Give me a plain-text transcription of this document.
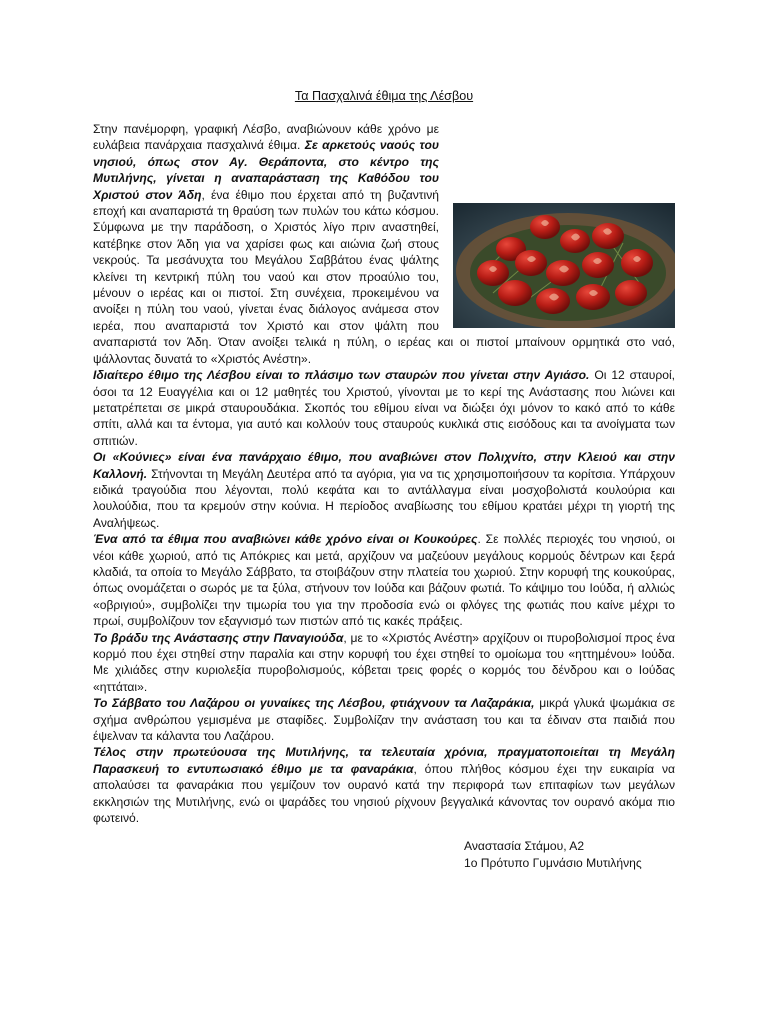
Τα Πασχαλινά έθιμα της Λέσβου

Στην πανέμορφη, γραφική Λέσβο, αναβιώνουν κάθε χρόνο με ευλάβεια πανάρχαια πασχαλινά έθιμα. Σε αρκετούς ναούς του νησιού, όπως στον Αγ. Θεράποντα, στο κέντρο της Μυτιλήνης, γίνεται η αναπαράσταση της Καθόδου του Χριστού στον Άδη, ένα έθιμο που έρχεται από τη βυζαντινή εποχή και αναπαριστά τη θραύση των πυλών του κάτω κόσμου. Σύμφωνα με την παράδοση, ο Χριστός λίγο πριν αναστηθεί, κατέβηκε στον Άδη για να χαρίσει φως και αιώνια ζωή στους νεκρούς. Τα μεσάνυχτα του Μεγάλου Σαββάτου ένας ψάλτης κλείνει τη κεντρική πύλη του ναού και στον προαύλιο του, μένουν ο ιερέας και οι πιστοί. Στη συνέχεια, προκειμένου να ανοίξει η πύλη του ναού, γίνεται ένας διάλογος ανάμεσα στον ιερέα, που αναπαριστά τον Χριστό και στον ψάλτη που αναπαριστά τον Άδη. Όταν ανοίξει τελικά η πύλη, ο ιερέας και οι πιστοί μπαίνουν ορμητικά στο ναό, ψάλλοντας δυνατά το «Χριστός Ανέστη».

Ιδιαίτερο έθιμο της Λέσβου είναι το πλάσιμο των σταυρών που γίνεται στην Αγιάσο. Οι 12 σταυροί, όσοι τα 12 Ευαγγέλια και οι 12 μαθητές του Χριστού, γίνονται με το κερί της Ανάστασης που λιώνει και μετατρέπεται σε μικρά σταυρουδάκια. Σκοπός του εθίμου είναι να διώξει όχι μόνον το κακό από το κάθε σπίτι, αλλά και τα έντομα, για αυτό και κολλούν τους σταυρούς κυκλικά στις εισόδους και τα ανοίγματα των σπιτιών.

Οι «Κούνιες» είναι ένα πανάρχαιο έθιμο, που αναβιώνει στον Πολιχνίτο, στην Κλειού και στην Καλλονή. Στήνονται τη Μεγάλη Δευτέρα από τα αγόρια, για να τις χρησιμοποιήσουν τα κορίτσια. Υπάρχουν ειδικά τραγούδια που λέγονται, πολύ κεφάτα και το αντάλλαγμα είναι μοσχοβολιστά κουλούρια και λουλούδια, που τα κρεμούν στην κούνια. Η περίοδος αναβίωσης του εθίμου κρατάει μέχρι τη γιορτή της Αναλήψεως.

Ένα από τα έθιμα που αναβιώνει κάθε χρόνο είναι οι Κουκούρες. Σε πολλές περιοχές του νησιού, οι νέοι κάθε χωριού, από τις Απόκριες και μετά, αρχίζουν να μαζεύουν μεγάλους κορμούς δέντρων και ξερά κλαδιά, τα οποία το Μεγάλο Σάββατο, τα στοιβάζουν στην πλατεία του χωριού. Στην κορυφή της κουκούρας, όπως ονομάζεται ο σωρός με τα ξύλα, στήνουν τον Ιούδα και βάζουν φωτιά. Το κάψιμο του Ιούδα, ή αλλιώς «οβριγιού», συμβολίζει την τιμωρία του για την προδοσία ενώ οι φλόγες της φωτιάς που καίνε μέχρι το πρωί, συμβολίζουν τον εξαγνισμό των πιστών από τις κακές πράξεις.

Το βράδυ της Ανάστασης στην Παναγιούδα, με το «Χριστός Ανέστη» αρχίζουν οι πυροβολισμοί προς ένα κορμό που έχει στηθεί στην παραλία και στην κορυφή του έχει στηθεί το ομοίωμα του «ηττημένου» Ιούδα. Με χιλιάδες στην κυριολεξία πυροβολισμούς, κόβεται τρεις φορές ο κορμός του δένδρου και ο Ιούδας «ηττάται».

Το Σάββατο του Λαζάρου οι γυναίκες της Λέσβου, φτιάχνουν τα Λαζαράκια, μικρά γλυκά ψωμάκια σε σχήμα ανθρώπου γεμισμένα με σταφίδες. Συμβολίζαν την ανάσταση του και τα έδιναν στα παιδιά που έψελναν τα κάλαντα του Λαζάρου.

Τέλος στην πρωτεύουσα της Μυτιλήνης, τα τελευταία χρόνια, πραγματοποιείται τη Μεγάλη Παρασκευή το εντυπωσιακό έθιμο με τα φαναράκια, όπου πλήθος κόσμου έχει την ευκαιρία να απολαύσει τα φαναράκια που γεμίζουν τον ουρανό κατά την περιφορά των επιταφίων των μεγάλων εκκλησιών της Μυτιλήνης, ενώ οι ψαράδες του νησιού ρίχνουν βεγγαλικά κάνοντας τον ουρανό ακόμα πιο φωτεινό.

Αναστασία Στάμου, Α2
1ο Πρότυπο Γυμνάσιο Μυτιλήνης
